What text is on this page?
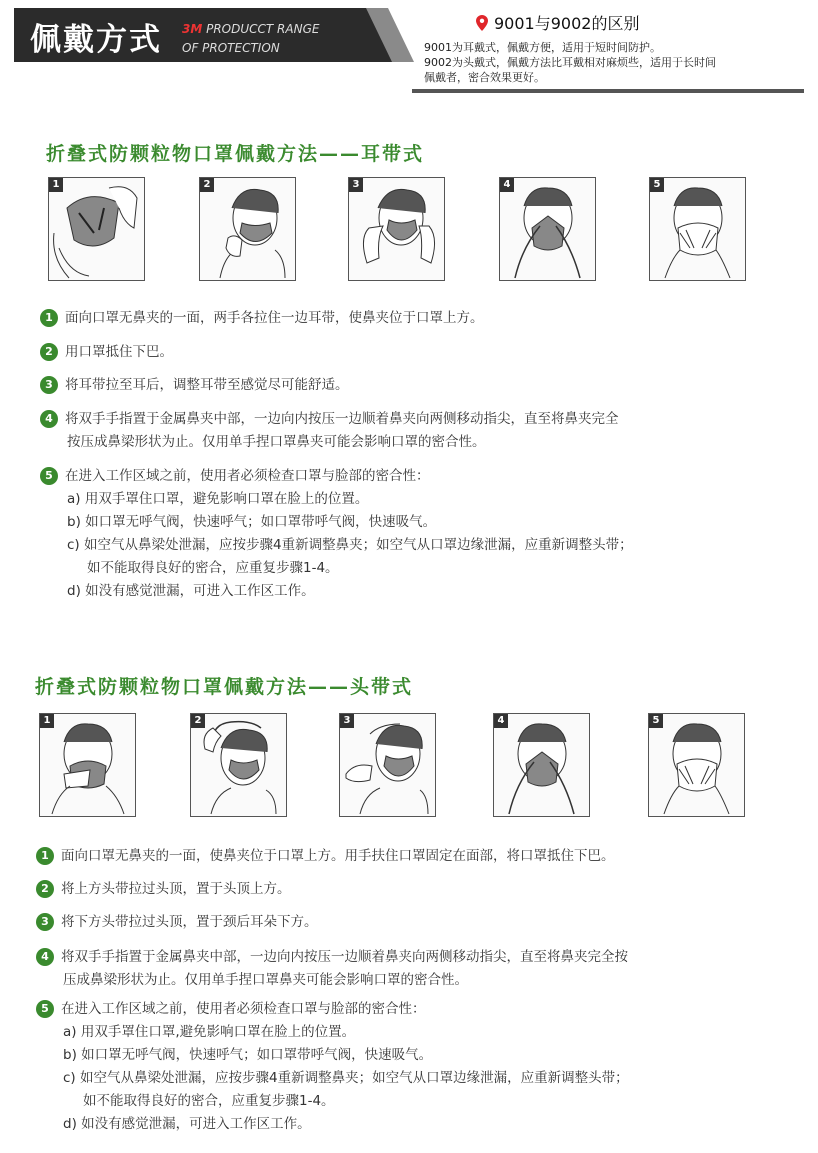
佩戴方式 3M PRODUCCT RANGE
OF PROTECTION
9001与9002的区别
9001为耳戴式，佩戴方便，适用于短时间防护。
9002为头戴式，佩戴方法比耳戴相对麻烦些，适用于长时间
佩戴者，密合效果更好。
折叠式防颗粒物口罩佩戴方法——耳带式
1	2	3	4	5
1 面向口罩无鼻夹的一面，两手各拉住一边耳带，使鼻夹位于口罩上方。
2 用口罩抵住下巴。
3 将耳带拉至耳后，调整耳带至感觉尽可能舒适。
4 将双手手指置于金属鼻夹中部，一边向内按压一边顺着鼻夹向两侧移动指尖，直至将鼻夹完全
按压成鼻梁形状为止。仅用单手捏口罩鼻夹可能会影响口罩的密合性。
5 在进入工作区域之前，使用者必须检查口罩与脸部的密合性：
a) 用双手罩住口罩，避免影响口罩在脸上的位置。
b) 如口罩无呼气阀，快速呼气；如口罩带呼气阀，快速吸气。
c) 如空气从鼻梁处泄漏，应按步骤4重新调整鼻夹；如空气从口罩边缘泄漏，应重新调整头带；
如不能取得良好的密合，应重复步骤1-4。
d) 如没有感觉泄漏，可进入工作区工作。
折叠式防颗粒物口罩佩戴方法——头带式
1	2	3	4	5
1 面向口罩无鼻夹的一面，使鼻夹位于口罩上方。用手扶住口罩固定在面部，将口罩抵住下巴。
2 将上方头带拉过头顶，置于头顶上方。
3 将下方头带拉过头顶，置于颈后耳朵下方。
4 将双手手指置于金属鼻夹中部，一边向内按压一边顺着鼻夹向两侧移动指尖，直至将鼻夹完全按
压成鼻梁形状为止。仅用单手捏口罩鼻夹可能会影响口罩的密合性。
5 在进入工作区域之前，使用者必须检查口罩与脸部的密合性：
a) 用双手罩住口罩,避免影响口罩在脸上的位置。
b) 如口罩无呼气阀，快速呼气；如口罩带呼气阀，快速吸气。
c) 如空气从鼻梁处泄漏，应按步骤4重新调整鼻夹；如空气从口罩边缘泄漏，应重新调整头带；
如不能取得良好的密合，应重复步骤1-4。
d) 如没有感觉泄漏，可进入工作区工作。
